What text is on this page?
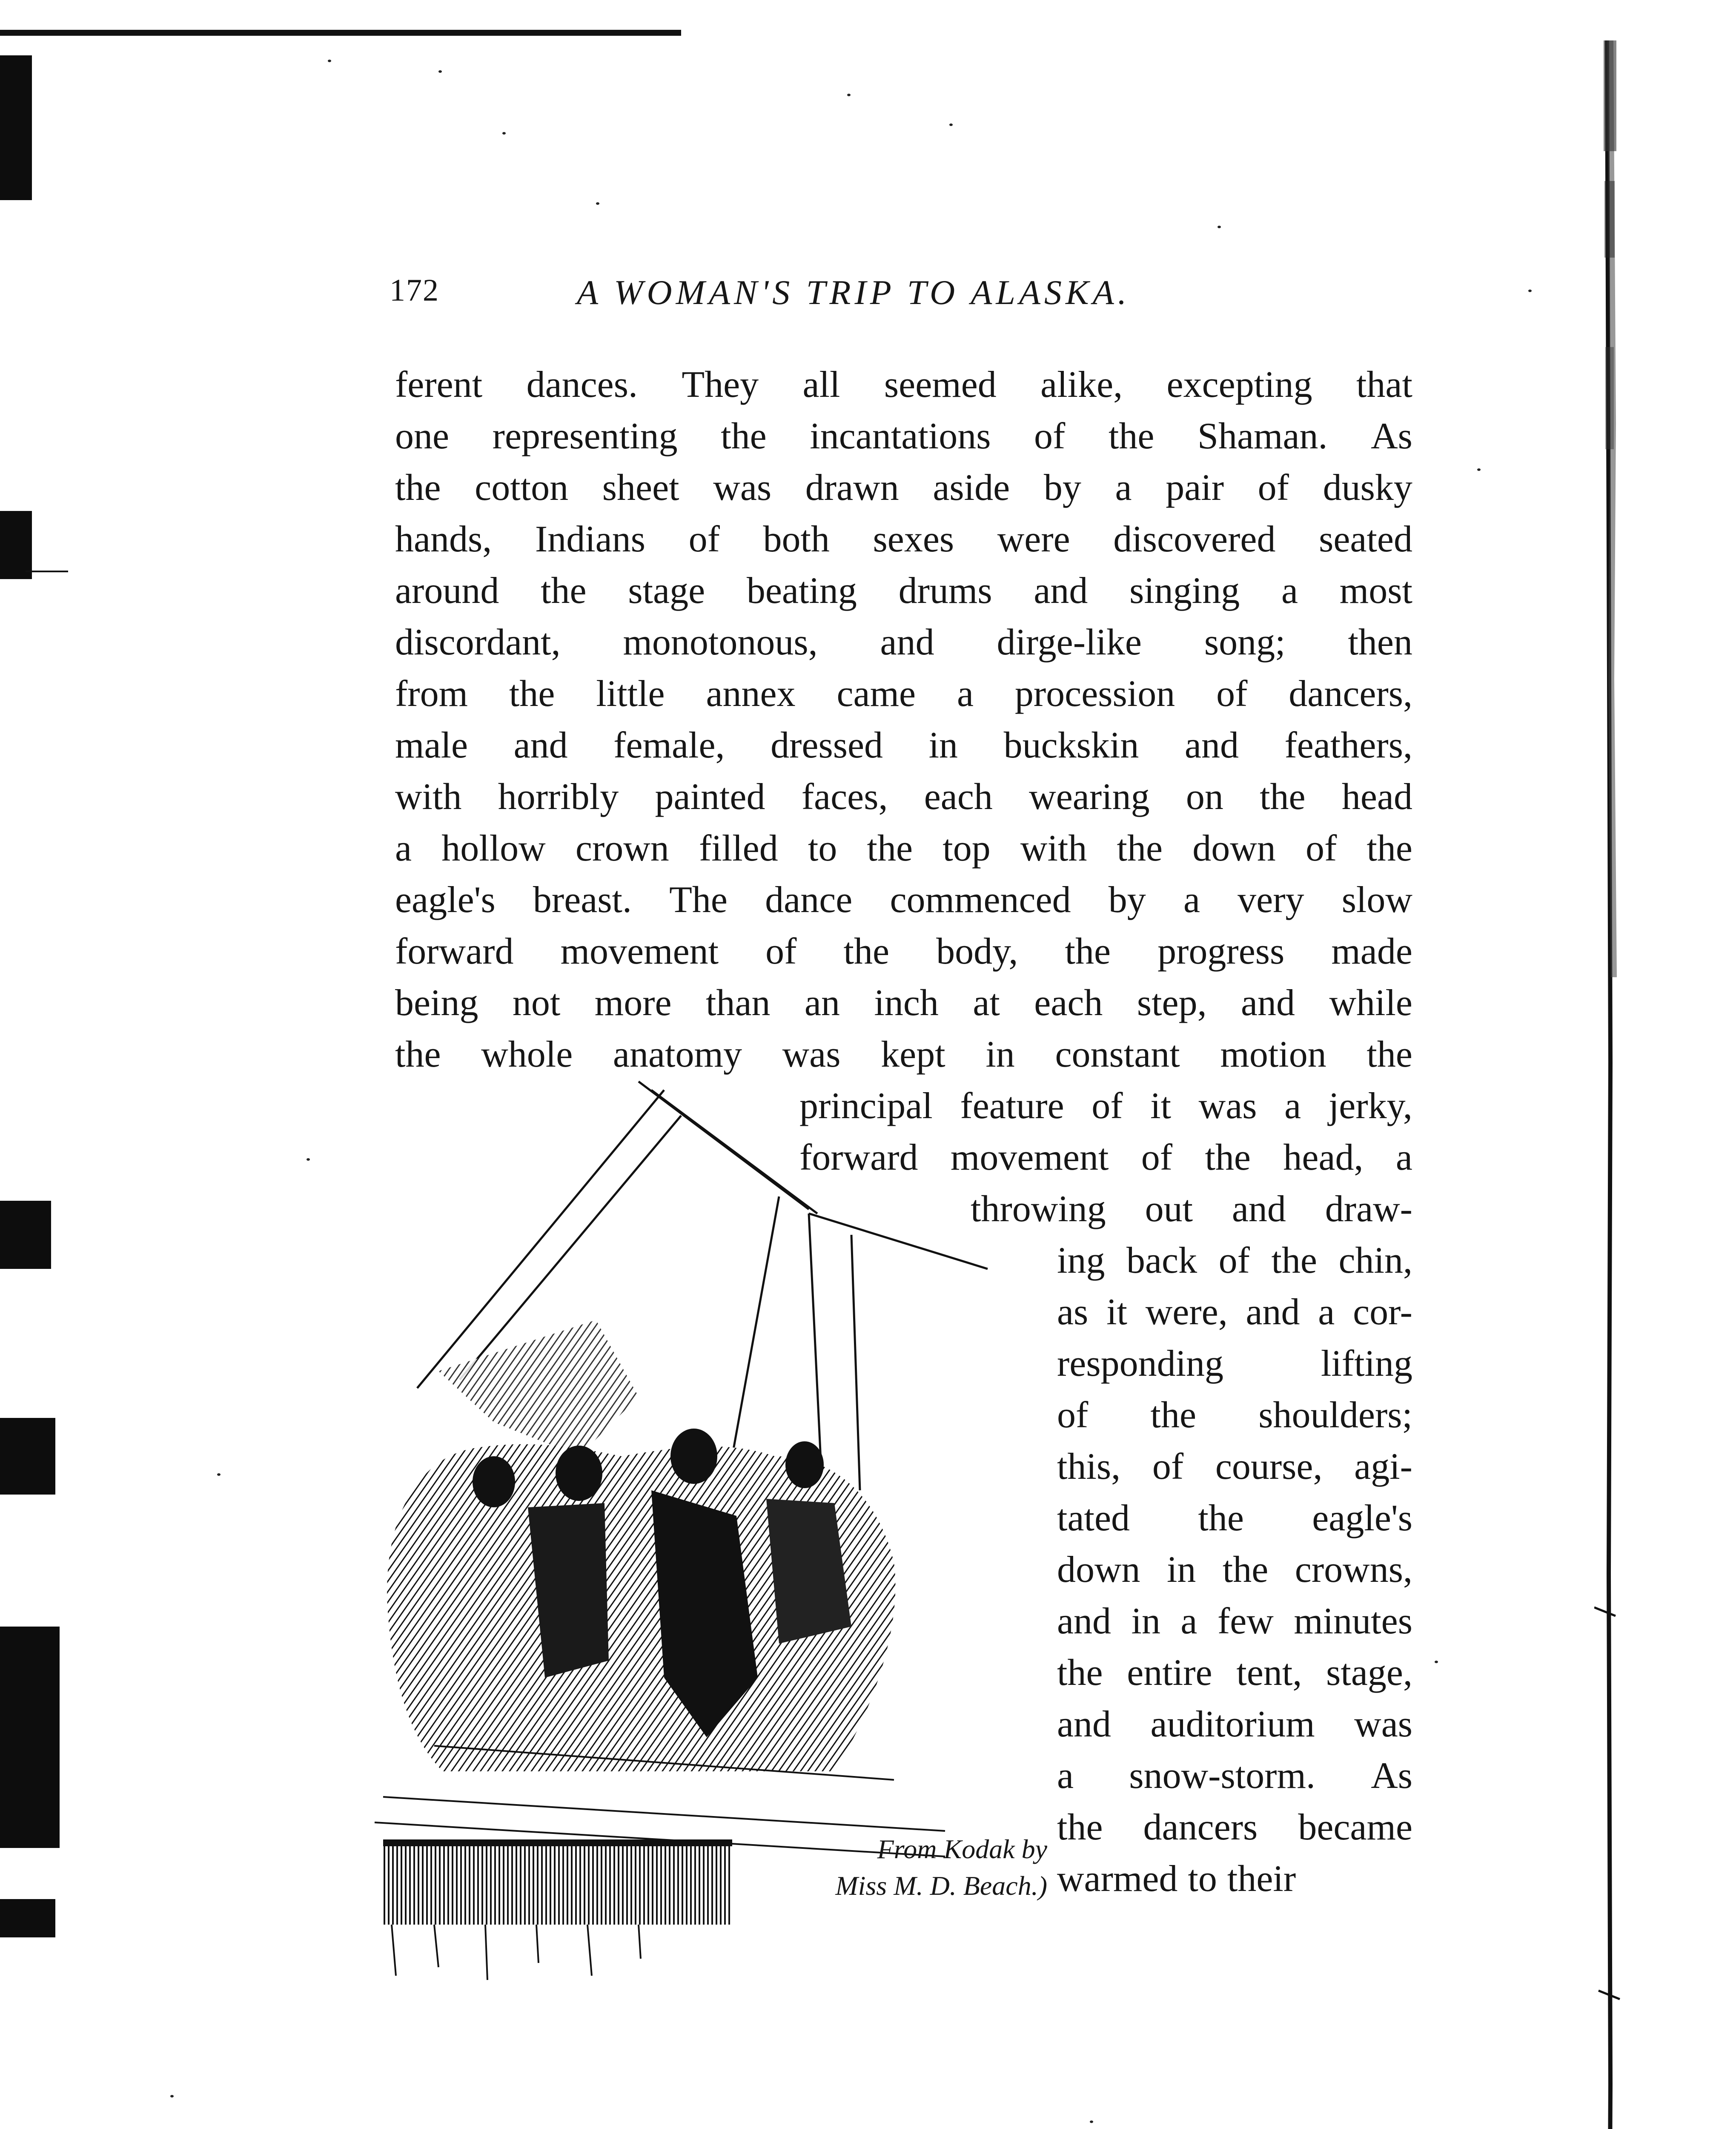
172	A WOMAN'S TRIP TO ALASKA.
ferent dances. They all seemed alike, excepting that
one representing the incantations of the Shaman. As
the cotton sheet was drawn aside by a pair of dusky
hands, Indians of both sexes were discovered seated
around the stage beating drums and singing a most
discordant, monotonous, and dirge-like song; then
from the little annex came a procession of dancers,
male and female, dressed in buckskin and feathers,
with horribly painted faces, each wearing on the head
a hollow crown filled to the top with the down of the
eagle's breast. The dance commenced by a very slow
forward movement of the body, the progress made
being not more than an inch at each step, and while
the whole anatomy was kept in constant motion the
principal feature of it was a jerky,
forward movement of the head, a
throwing out and draw-
ing back of the chin,
as it were, and a cor-
responding	lifting
of the shoulders;
this, of course, agi-
tated the eagle's
down in the crowns,
and in a few minutes
the entire tent, stage,
and auditorium was
a snow-storm. As
the dancers became
warmed to their
From Kodak by
Miss M. D. Beach.)
